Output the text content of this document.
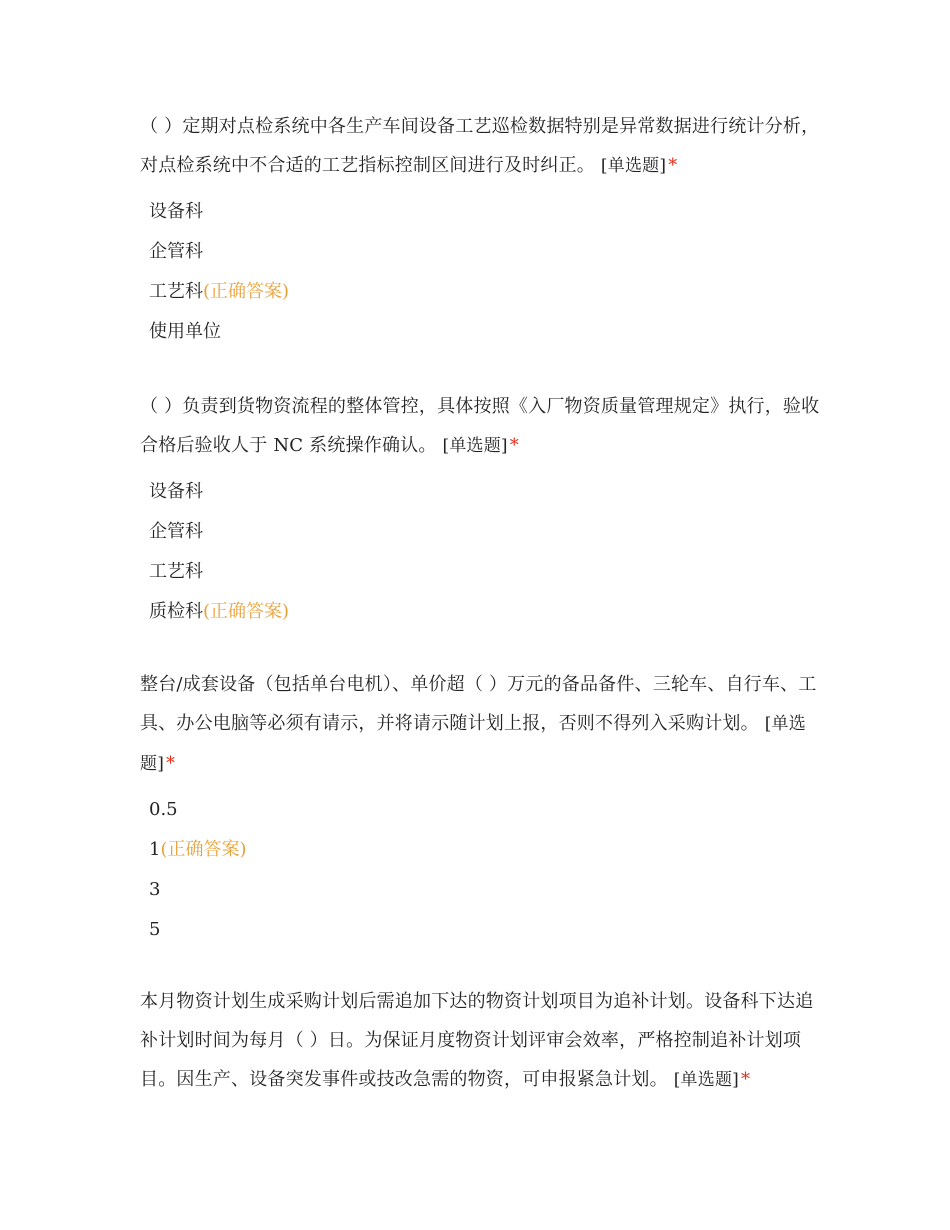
（ ）定期对点检系统中各生产车间设备工艺巡检数据特别是异常数据进行统计分析，对点检系统中不合适的工艺指标控制区间进行及时纠正。 [单选题] *

设备科
企管科
工艺科(正确答案)
使用单位

（ ）负责到货物资流程的整体管控，具体按照《入厂物资质量管理规定》执行，验收合格后验收人于 NC 系统操作确认。 [单选题] *

设备科
企管科
工艺科
质检科(正确答案)

整台/成套设备（包括单台电机）、单价超（ ）万元的备品备件、三轮车、自行车、工具、办公电脑等必须有请示，并将请示随计划上报，否则不得列入采购计划。 [单选题] *

0.5
1(正确答案)
3
5

本月物资计划生成采购计划后需追加下达的物资计划项目为追补计划。设备科下达追补计划时间为每月（ ）日。为保证月度物资计划评审会效率，严格控制追补计划项目。因生产、设备突发事件或技改急需的物资，可申报紧急计划。 [单选题] *
